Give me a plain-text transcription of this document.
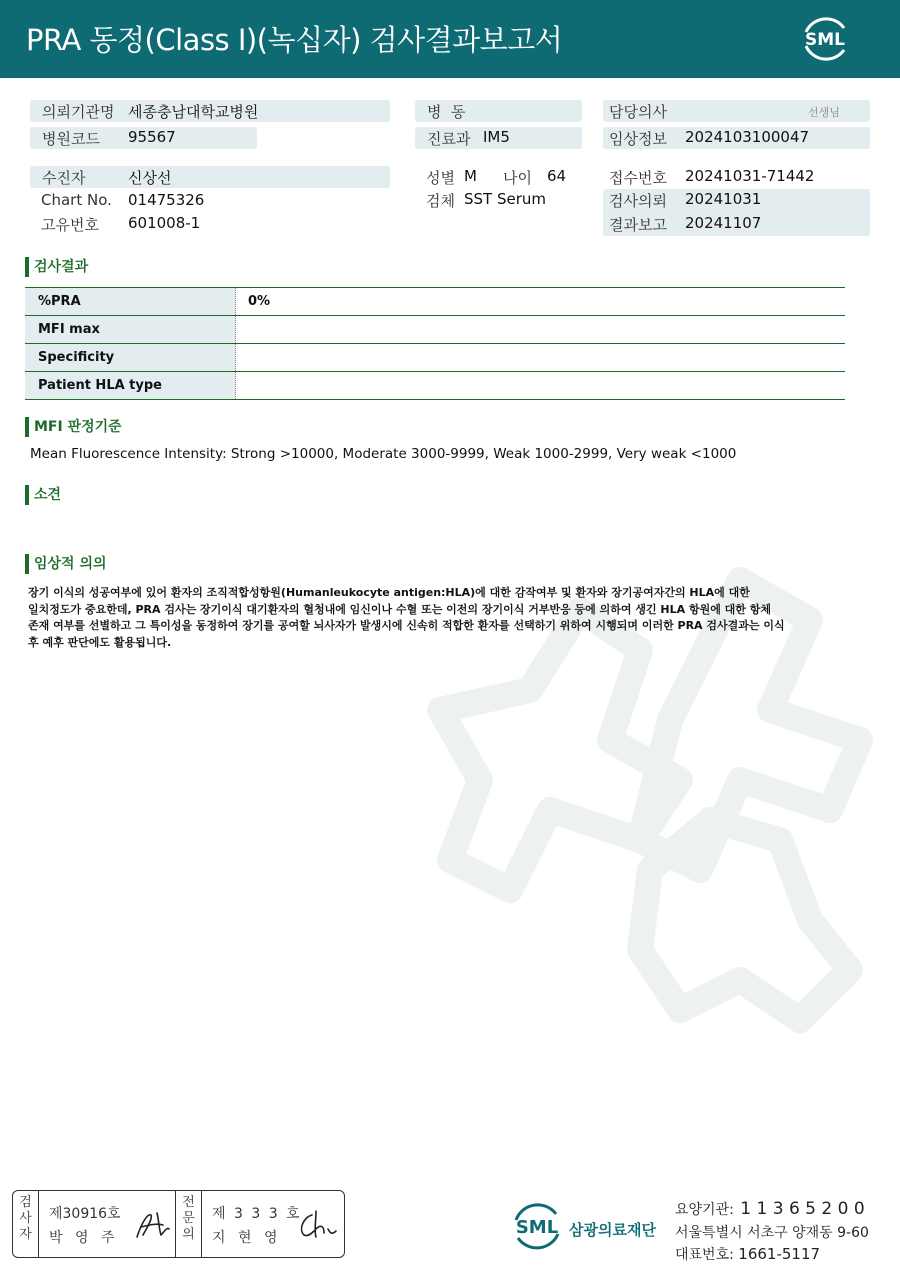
PRA 동정(Class I)(녹십자) 검사결과보고서	SML
의뢰기관명 세종충남대학교병원
병원코드 95567
병  동
진료과 IM5
담당의사	선생님
임상정보 2024103100047
수진자	신상선
Chart No. 01475326
고유번호 601008-1
성별 M 나이 64
검체 SST Serum
접수번호 20241031-71442
검사의뢰 20241031
결과보고 20241107
검사결과
%PRA	0%
MFI max
Specificity
Patient HLA type
MFI 판정기준
Mean Fluorescence Intensity: Strong >10000, Moderate 3000-9999, Weak 1000-2999, Very weak <1000
소견
임상적 의의
장기 이식의 성공여부에 있어 환자의 조직적합성항원(Humanleukocyte antigen:HLA)에 대한 감작여부 및 환자와 장기공여자간의 HLA에 대한
일치정도가 중요한데, PRA 검사는 장기이식 대기환자의 혈청내에 임신이나 수혈 또는 이전의 장기이식 거부반응 등에 의하여 생긴 HLA 항원에 대한 항체
존재 여부를 선별하고 그 특이성을 동정하여 장기를 공여할 뇌사자가 발생시에 신속히 적합한 환자를 선택하기 위하여 시행되며 이러한 PRA 검사결과는 이식
후 예후 판단에도 활용됩니다.
검사자
제30916호
박 영 주
전문의
제 3 3 3 호
지 현 영	SML 삼광의료재단
요양기관: 1 1 3 6 5 2 0 0
서울특별시 서초구 양재동 9-60
대표번호: 1661-5117
